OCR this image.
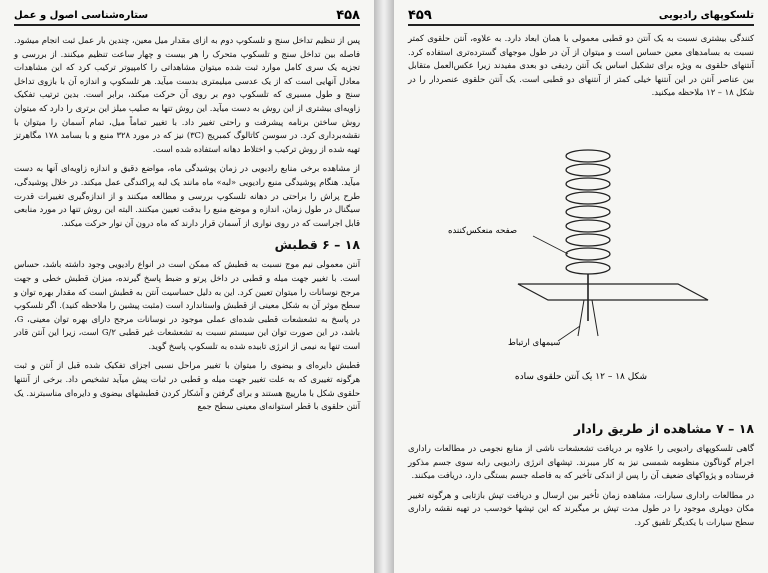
ستاره‌شناسی اصول و عمل	۴۵۸

پس از تنظیم تداخل سنج و تلسکوپ دوم به ازای مقدار میل معین، چندین بار عمل ثبت انجام میشود. فاصله بین تداخل سنج و تلسکوپ متحرک را هر بیست و چهار ساعت تنظیم میکنند. از بررسی و تجزیه یک سری کامل موارد ثبت شده میتوان مشاهداتی را کامپیوتر ترکیب کرد که این مشاهدات معادل آنهایی است که از یک عدسی میلیمتری بدست میآید. هر تلسکوپ و اندازه آن با بازوی تداخل سنج و طول مسیری که تلسکوپ دوم بر روی آن حرکت میکند، برابر است. بدین ترتیب تفکیک زاویه‌ای بیشتری از این روش به دست میآید. این روش تنها به صلیب میلز این برتری را دارد که میتوان روش ساختن برنامه پیشرفت و راحتی تغییر داد. با تغییر تماماً میل، تمام آسمان را میتوان با نقشه‌برداری کرد. در سوسن کاتالوگ کمبریج (۳C) نیز که در مورد ۳۲۸ منبع و با بسامد ۱۷۸ مگاهرتز تهیه شده از روش ترکیب و اختلاط دهانه استفاده شده است.

از مشاهده برخی منابع رادیویی در زمان پوشیدگی ماه، مواضع دقیق و اندازه زاویه‌ای آنها به دست میآید. هنگام پوشیدگی منبع رادیویی «لبه» ماه مانند یک لبه پراکندگی عمل میکند. در خلال پوشیدگی، طرح پراش را براحتی در دهانه تلسکوپ بررسی و مطالعه میکنند و از اندازه‌گیری تغییرات قدرت سیگنال در طول زمان، اندازه و موضع منبع را بدقت تعیین میکنند. البته این روش تنها در مورد منابعی قابل اجراست که در روی نواری از آسمان قرار دارند که ماه درون آن نوار حرکت میکند.

۱۸ – ۶ قطبش

آنتن معمولی نیم موج نسبت به قطبش که ممکن است در انواع رادیویی وجود داشته باشد، حساس است. با تغییر جهت میله و قطبی در داخل پرتو و ضبط پاسخ گیرنده، میزان قطبش خطی و جهت مرجح نوسانات را میتوان تعیین کرد. این به دلیل حساسیت آنتن به قطبش است که مقدار بهره توان و سطح موثر آن به شکل معینی از قطبش واستاندارد است (مثبت پیشین را ملاحظه کنید). اگر تلسکوپ در پاسخ به تشعشعات قطبی شده‌ای عملی موجود در نوسانات مرجح دارای بهره توان معینی، G، باشد، در این صورت توان این سیستم نسبت به تشعشعات غیر قطبی G/۲ است، زیرا این آنتن قادر است تنها به نیمی از انرژی تابیده شده به تلسکوپ پاسخ گوید.

قطبش دایره‌ای و بیضوی را میتوان با تغییر مراحل نسبی اجزای تفکیک شده قبل از آنتن و ثبت هرگونه تغییری که به علت تغییر جهت میله و قطبی در ثبات پیش میآید تشخیص داد. برخی از آنتنها حلقوی شکل با مارپیچ هستند و برای گرفتن و آشکار کردن قطبشهای بیضوی و دایره‌ای مناسبترند. یک آنتن حلقوی با قطر استوانه‌ای معینی سطح جمع

۴۵۹	تلسکوپهای رادیویی

کنندگی بیشتری نسبت به یک آنتن دو قطبی معمولی با همان ابعاد دارد. به علاوه، آنتن حلقوی کمتر نسبت به بسامدهای معین حساس است و میتوان از آن در طول موجهای گسترده‌تری استفاده کرد. آنتنهای حلقوی به ویژه برای تشکیل اساس یک آنتن ردیفی دو بعدی مفیدند زیرا عکس‌العمل متقابل بین عناصر آنتن در این آنتنها خیلی کمتر از آنتنهای دو قطبی است. یک آنتن حلقوی عنصردار را در شکل ۱۸ – ۱۲ ملاحظه میکنید.

صفحه منعکس‌کننده
سیمهای ارتباط
شکل ۱۸ – ۱۲ یک آنتن حلقوی ساده
۱۸ – ۷ مشاهده از طریق رادار

گاهی تلسکوپهای رادیویی را علاوه بر دریافت تشعشعات ناشی از منابع نجومی در مطالعات راداری اجرام گوناگون منظومه شمسی نیز به کار میبرند. تپشهای انرژی رادیویی رابه سوی جسم مذکور فرستاده و پژواکهای ضعیف آن را پس از اندکی تأخیر که به فاصله جسم بستگی دارد، دریافت میکنند.

در مطالعات راداری سیارات، مشاهده زمان تأخیر بین ارسال و دریافت تپش بازتابی و هرگونه تغییر مکان دوپلری موجود را در طول مدت تپش بر میگیرند که این تپشها خودسب در تهیه نقشه راداری سطح سیارات با یکدیگر تلفیق کرد.
